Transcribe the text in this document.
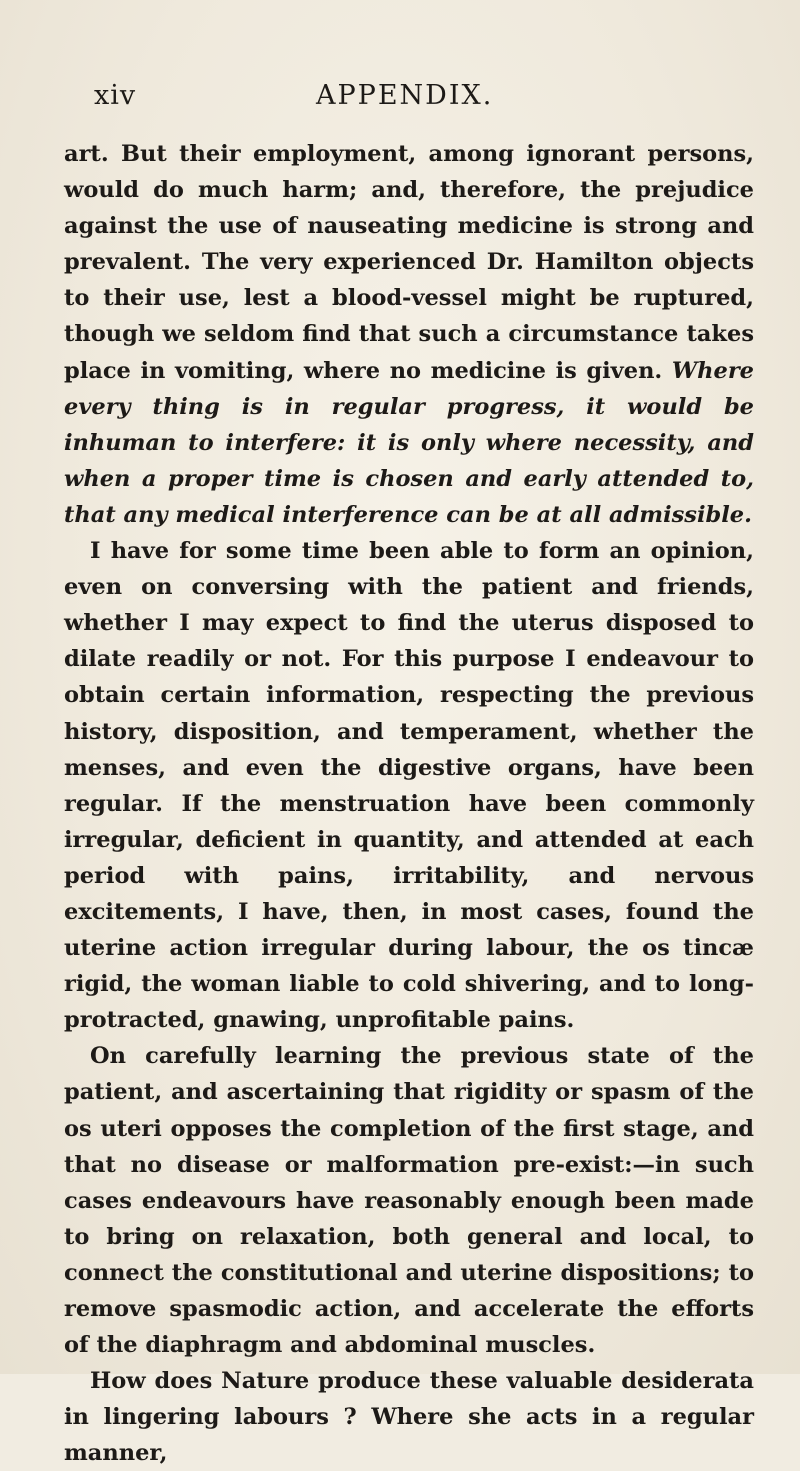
xiv	APPENDIX.

art. But their employment, among ignorant persons, would do much harm; and, therefore, the prejudice against the use of nauseating medicine is strong and prevalent. The very experienced Dr. Hamilton objects to their use, lest a blood-vessel might be ruptured, though we seldom find that such a circumstance takes place in vomiting, where no medicine is given. Where every thing is in regular progress, it would be inhuman to interfere: it is only where necessity, and when a proper time is chosen and early attended to, that any medical interference can be at all admissible.

I have for some time been able to form an opinion, even on conversing with the patient and friends, whether I may expect to find the uterus disposed to dilate readily or not. For this purpose I endeavour to obtain certain information, respecting the previous history, disposition, and temperament, whether the menses, and even the digestive organs, have been regular. If the menstruation have been commonly irregular, deficient in quantity, and attended at each period with pains, irritability, and nervous excitements, I have, then, in most cases, found the uterine action irregular during labour, the os tincæ rigid, the woman liable to cold shivering, and to long-protracted, gnawing, unprofitable pains.

On carefully learning the previous state of the patient, and ascertaining that rigidity or spasm of the os uteri opposes the completion of the first stage, and that no disease or malformation pre-exist:—in such cases endeavours have reasonably enough been made to bring on relaxation, both general and local, to connect the constitutional and uterine dispositions; to remove spasmodic action, and accelerate the efforts of the diaphragm and abdominal muscles.

How does Nature produce these valuable desiderata in lingering labours ? Where she acts in a regular manner,
